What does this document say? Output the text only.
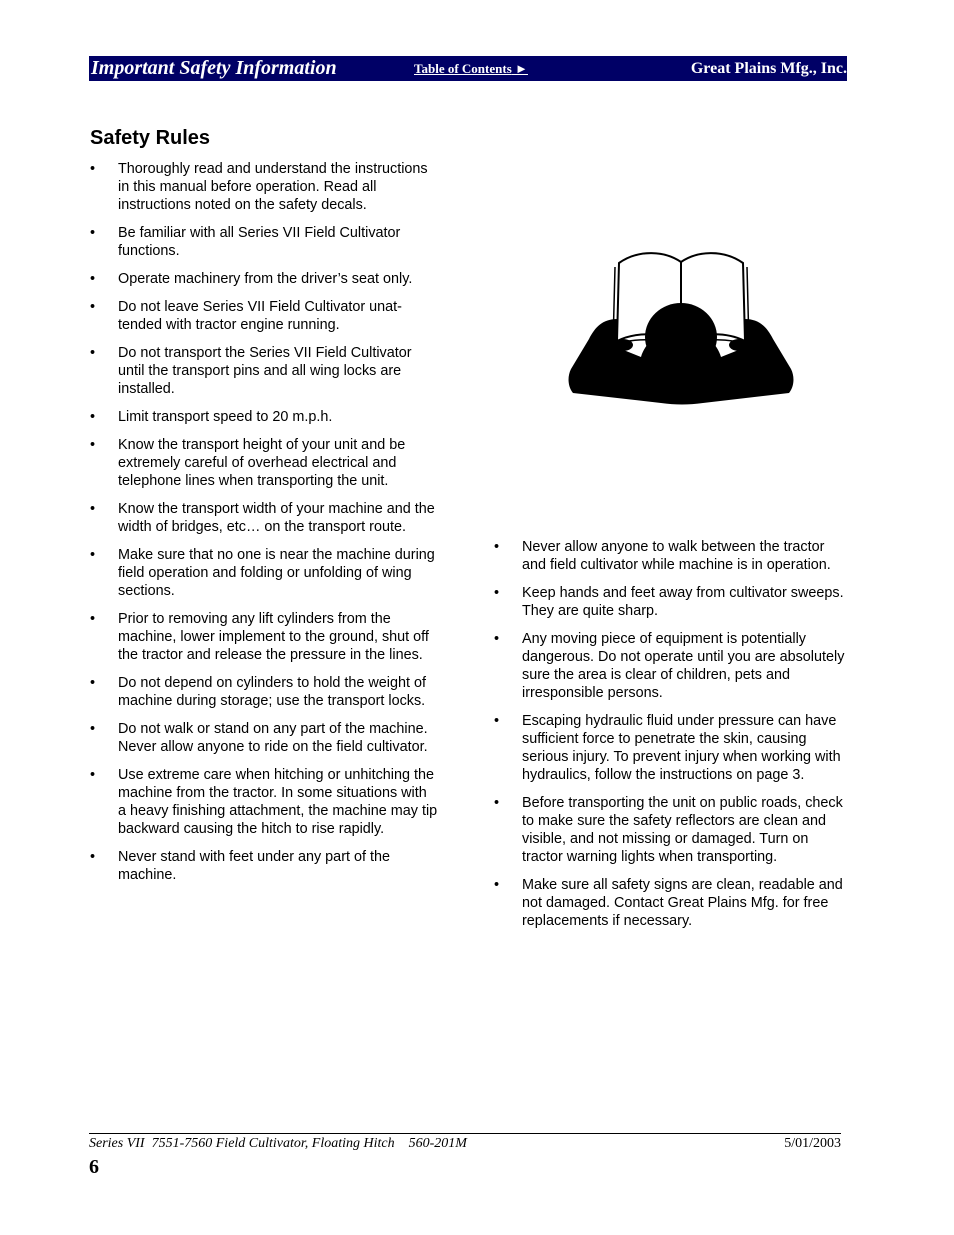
Important Safety Information	Table of Contents ►	Great Plains Mfg., Inc.
Safety Rules
•	Thoroughly read and understand the instructions in this manual before operation. Read all instructions noted on the safety decals.
•	Be familiar with all Series VII Field Cultivator functions.
•	Operate machinery from the driver’s seat only.
•	Do not leave Series VII Field Cultivator unat-tended with tractor engine running.
•	Do not transport the Series VII Field Cultivator until the transport pins and all wing locks are installed.
•	Limit transport speed to 20 m.p.h.
•	Know the transport height of your unit and be extremely careful of overhead electrical and telephone lines when transporting the unit.
•	Know the transport width of your machine and the width of bridges, etc… on the transport route.
•	Make sure that no one is near the machine during field operation and folding or unfolding of wing sections.
•	Prior to removing any lift cylinders from the machine, lower implement to the ground, shut off the tractor and release the pressure in the lines.
•	Do not depend on cylinders to hold the weight of machine during storage; use the transport locks.
•	Do not walk or stand on any part of the machine. Never allow anyone to ride on the field cultivator.
•	Use extreme care when hitching or unhitching the machine from the tractor. In some situations with a heavy finishing attachment, the machine may tip backward causing the hitch to rise rapidly.
•	Never stand with feet under any part of the machine.
•	Never allow anyone to walk between the tractor and field cultivator while machine is in operation.
•	Keep hands and feet away from cultivator sweeps. They are quite sharp.
•	Any moving piece of equipment is potentially dangerous. Do not operate until you are absolutely sure the area is clear of children, pets and irresponsible persons.
•	Escaping hydraulic fluid under pressure can have sufficient force to penetrate the skin, causing serious injury. To prevent injury when working with hydraulics, follow the instructions on page 3.
•	Before transporting the unit on public roads, check to make sure the safety reflectors are clean and visible, and not missing or damaged. Turn on tractor warning lights when transporting.
•	Make sure all safety signs are clean, readable and not damaged. Contact Great Plains Mfg. for free replacements if necessary.
Series VII  7551-7560 Field Cultivator, Floating Hitch    560-201M	5/01/2003
6
